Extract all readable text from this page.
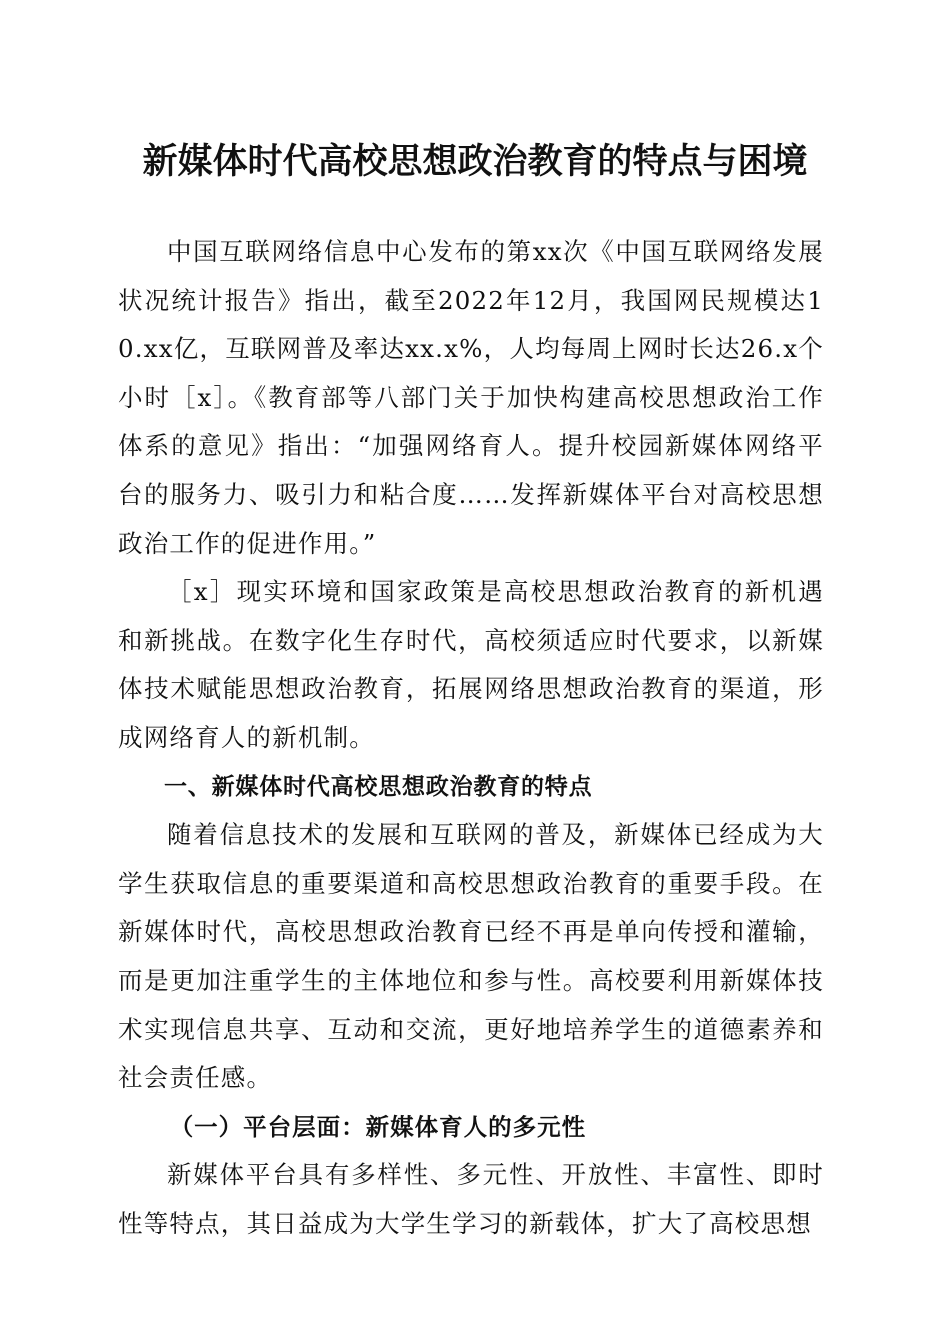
新媒体时代高校思想政治教育的特点与困境

中国互联网络信息中心发布的第xx次《中国互联网络发展状况统计报告》指出，截至2022年12月，我国网民规模达10.xx亿，互联网普及率达xx.x%，人均每周上网时长达26.x个小时［x］。《教育部等八部门关于加快构建高校思想政治工作体系的意见》指出：“加强网络育人。提升校园新媒体网络平台的服务力、吸引力和粘合度……发挥新媒体平台对高校思想政治工作的促进作用。”

［x］现实环境和国家政策是高校思想政治教育的新机遇和新挑战。在数字化生存时代，高校须适应时代要求，以新媒体技术赋能思想政治教育，拓展网络思想政治教育的渠道，形成网络育人的新机制。

一、新媒体时代高校思想政治教育的特点

随着信息技术的发展和互联网的普及，新媒体已经成为大学生获取信息的重要渠道和高校思想政治教育的重要手段。在新媒体时代，高校思想政治教育已经不再是单向传授和灌输，而是更加注重学生的主体地位和参与性。高校要利用新媒体技术实现信息共享、互动和交流，更好地培养学生的道德素养和社会责任感。

（一）平台层面：新媒体育人的多元性

新媒体平台具有多样性、多元性、开放性、丰富性、即时性等特点，其日益成为大学生学习的新载体，扩大了高校思想
